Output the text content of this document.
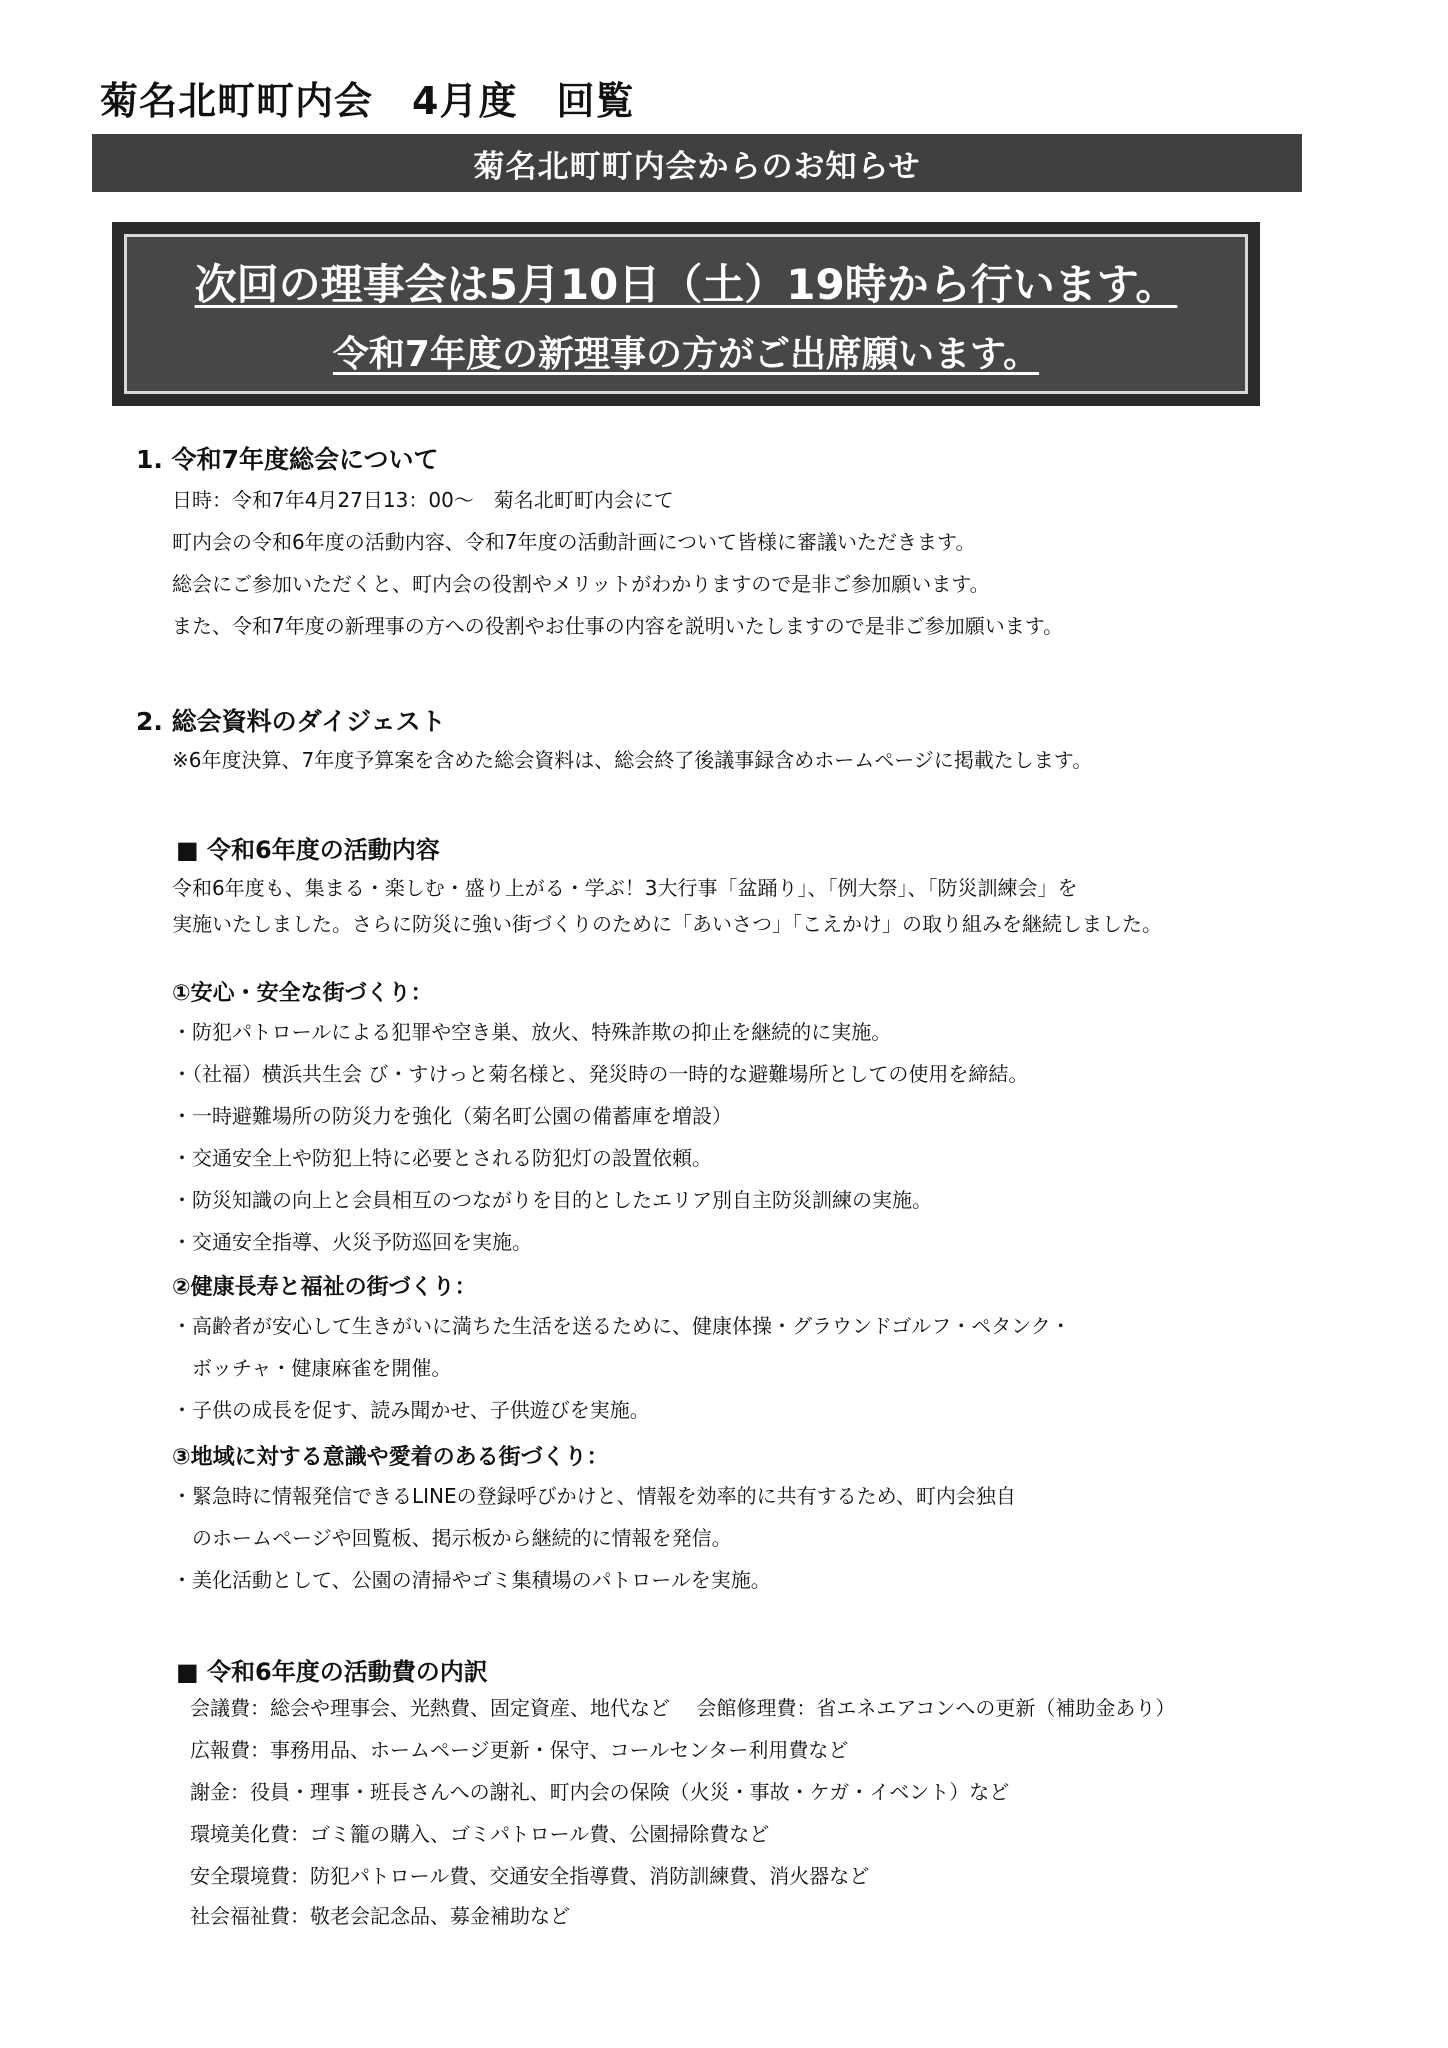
菊名北町町内会　4月度　回覧
菊名北町町内会からのお知らせ
次回の理事会は5月10日（土）19時から行います。
令和7年度の新理事の方がご出席願います。
1. 令和7年度総会について
日時：令和7年4月27日13：00～　菊名北町町内会にて
町内会の令和6年度の活動内容、令和7年度の活動計画について皆様に審議いただきます。
総会にご参加いただくと、町内会の役割やメリットがわかりますので是非ご参加願います。
また、令和7年度の新理事の方への役割やお仕事の内容を説明いたしますので是非ご参加願います。
2. 総会資料のダイジェスト
※6年度決算、7年度予算案を含めた総会資料は、総会終了後議事録含めホームページに掲載たします。
■ 令和6年度の活動内容
令和6年度も、集まる・楽しむ・盛り上がる・学ぶ！3大行事「盆踊り」、「例大祭」、「防災訓練会」を
実施いたしました。さらに防災に強い街づくりのために「あいさつ」「こえかけ」の取り組みを継続しました。
①安心・安全な街づくり：
・防犯パトロールによる犯罪や空き巣、放火、特殊詐欺の抑止を継続的に実施。
・（社福）横浜共生会 び・すけっと菊名様と、発災時の一時的な避難場所としての使用を締結。
・一時避難場所の防災力を強化（菊名町公園の備蓄庫を増設）
・交通安全上や防犯上特に必要とされる防犯灯の設置依頼。
・防災知識の向上と会員相互のつながりを目的としたエリア別自主防災訓練の実施。
・交通安全指導、火災予防巡回を実施。
②健康長寿と福祉の街づくり：
・高齢者が安心して生きがいに満ちた生活を送るために、健康体操・グラウンドゴルフ・ペタンク・
ボッチャ・健康麻雀を開催。
・子供の成長を促す、読み聞かせ、子供遊びを実施。
③地域に対する意識や愛着のある街づくり：
・緊急時に情報発信できるLINEの登録呼びかけと、情報を効率的に共有するため、町内会独自
のホームページや回覧板、掲示板から継続的に情報を発信。
・美化活動として、公園の清掃やゴミ集積場のパトロールを実施。
■ 令和6年度の活動費の内訳
会議費：総会や理事会、光熱費、固定資産、地代など　 会館修理費：省エネエアコンへの更新（補助金あり）
広報費：事務用品、ホームページ更新・保守、コールセンター利用費など
謝金：役員・理事・班長さんへの謝礼、町内会の保険（火災・事故・ケガ・イベント）など
環境美化費：ゴミ籠の購入、ゴミパトロール費、公園掃除費など
安全環境費：防犯パトロール費、交通安全指導費、消防訓練費、消火器など
社会福祉費：敬老会記念品、募金補助など
